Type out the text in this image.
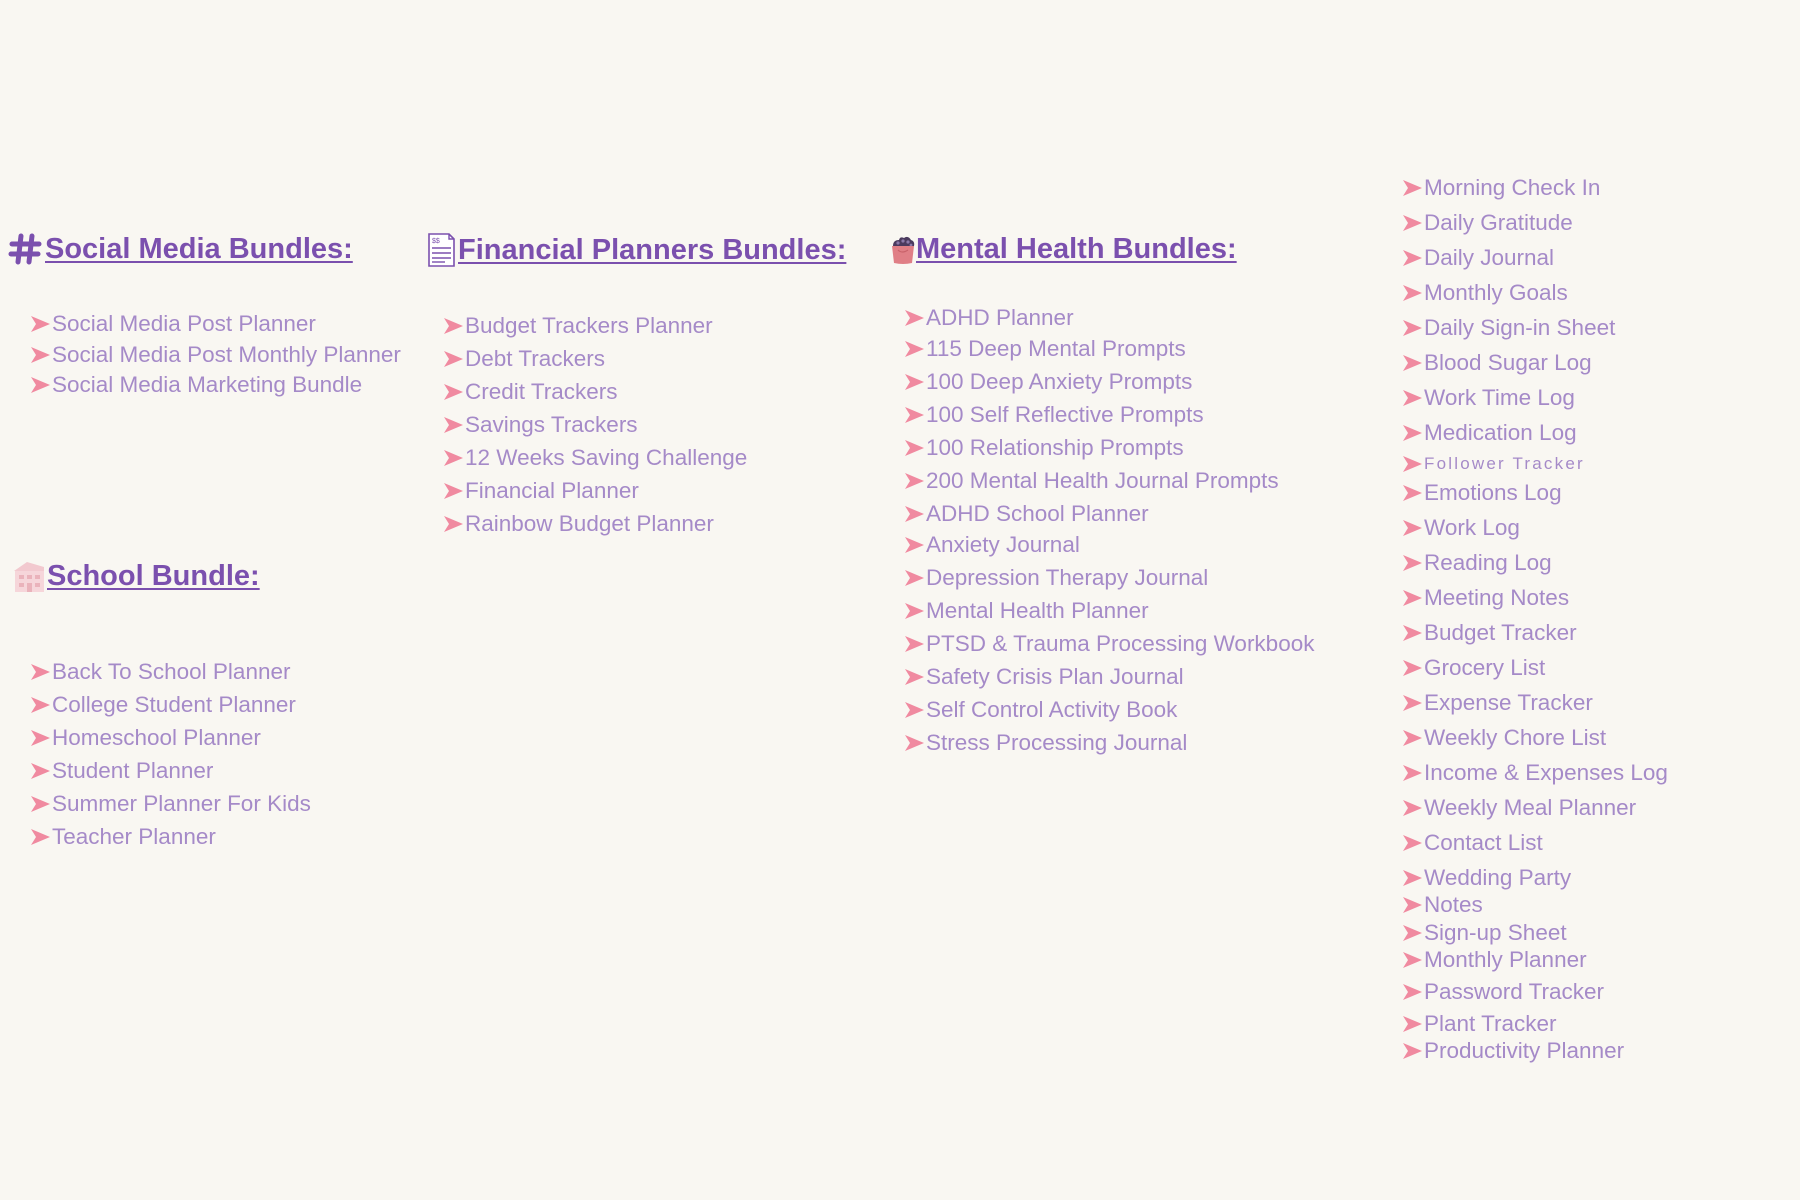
Social Media Bundles:
Social Media Post Planner
Social Media Post Monthly Planner
Social Media Marketing Bundle
$$ Financial Planners Bundles:
Budget Trackers Planner
Debt Trackers
Credit Trackers
Savings Trackers
12 Weeks Saving Challenge
Financial Planner
Rainbow Budget Planner
Mental Health Bundles:
ADHD Planner
115 Deep Mental Prompts
100 Deep Anxiety Prompts
100 Self Reflective Prompts
100 Relationship Prompts
200 Mental Health Journal Prompts
ADHD School Planner
Anxiety Journal
Depression Therapy Journal
Mental Health Planner
PTSD & Trauma Processing Workbook
Safety Crisis Plan Journal
Self Control Activity Book
Stress Processing Journal
School Bundle:
Back To School Planner
College Student Planner
Homeschool Planner
Student Planner
Summer Planner For Kids
Teacher Planner
Morning Check In
Daily Gratitude
Daily Journal
Monthly Goals
Daily Sign-in Sheet
Blood Sugar Log
Work Time Log
Medication Log
Follower Tracker
Emotions Log
Work Log
Reading Log
Meeting Notes
Budget Tracker
Grocery List
Expense Tracker
Weekly Chore List
Income & Expenses Log
Weekly Meal Planner
Contact List
Wedding Party
Notes
Sign-up Sheet
Monthly Planner
Password Tracker
Plant Tracker
Productivity Planner
